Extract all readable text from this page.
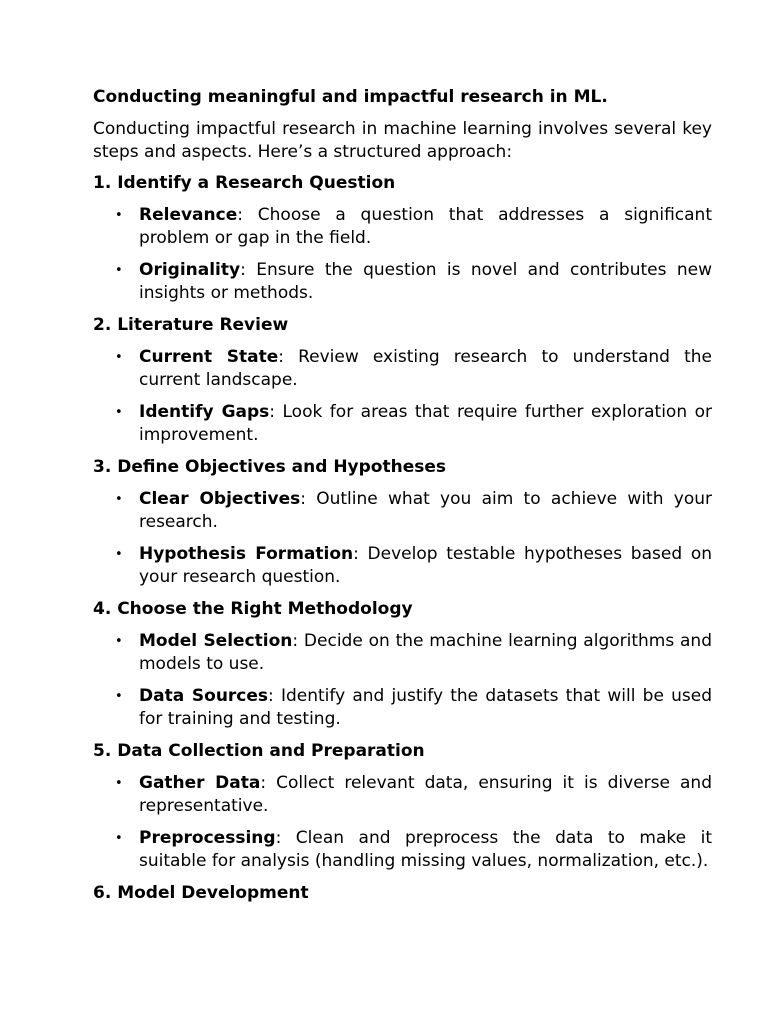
Conducting meaningful and impactful research in ML.
Conducting impactful research in machine learning involves several key steps and aspects. Here’s a structured approach:
1. Identify a Research Question
• Relevance: Choose a question that addresses a significant problem or gap in the field.
• Originality: Ensure the question is novel and contributes new insights or methods.
2. Literature Review
• Current State: Review existing research to understand the current landscape.
• Identify Gaps: Look for areas that require further exploration or improvement.
3. Define Objectives and Hypotheses
• Clear Objectives: Outline what you aim to achieve with your research.
• Hypothesis Formation: Develop testable hypotheses based on your research question.
4. Choose the Right Methodology
• Model Selection: Decide on the machine learning algorithms and models to use.
• Data Sources: Identify and justify the datasets that will be used for training and testing.
5. Data Collection and Preparation
• Gather Data: Collect relevant data, ensuring it is diverse and representative.
• Preprocessing: Clean and preprocess the data to make it suitable for analysis (handling missing values, normalization, etc.).
6. Model Development
